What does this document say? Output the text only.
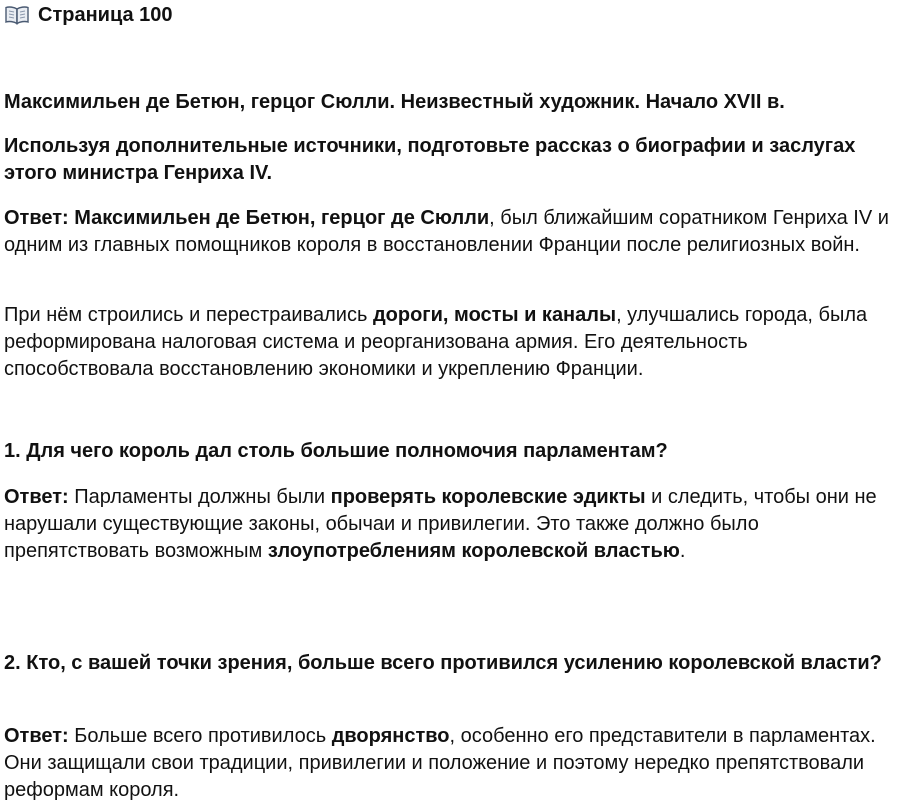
Страница 100

Максимильен де Бетюн, герцог Сюлли. Неизвестный художник. Начало XVII в.

Используя дополнительные источники, подготовьте рассказ о биографии и заслугах этого министра Генриха IV.

Ответ: Максимильен де Бетюн, герцог де Сюлли, был ближайшим соратником Генриха IV и одним из главных помощников короля в восстановлении Франции после религиозных войн.

При нём строились и перестраивались дороги, мосты и каналы, улучшались города, была реформирована налоговая система и реорганизована армия. Его деятельность способствовала восстановлению экономики и укреплению Франции.

1. Для чего король дал столь большие полномочия парламентам?

Ответ: Парламенты должны были проверять королевские эдикты и следить, чтобы они не нарушали существующие законы, обычаи и привилегии. Это также должно было препятствовать возможным злоупотреблениям королевской властью.

2. Кто, с вашей точки зрения, больше всего противился усилению королевской власти?

Ответ: Больше всего противилось дворянство, особенно его представители в парламентах. Они защищали свои традиции, привилегии и положение и поэтому нередко препятствовали реформам короля.
